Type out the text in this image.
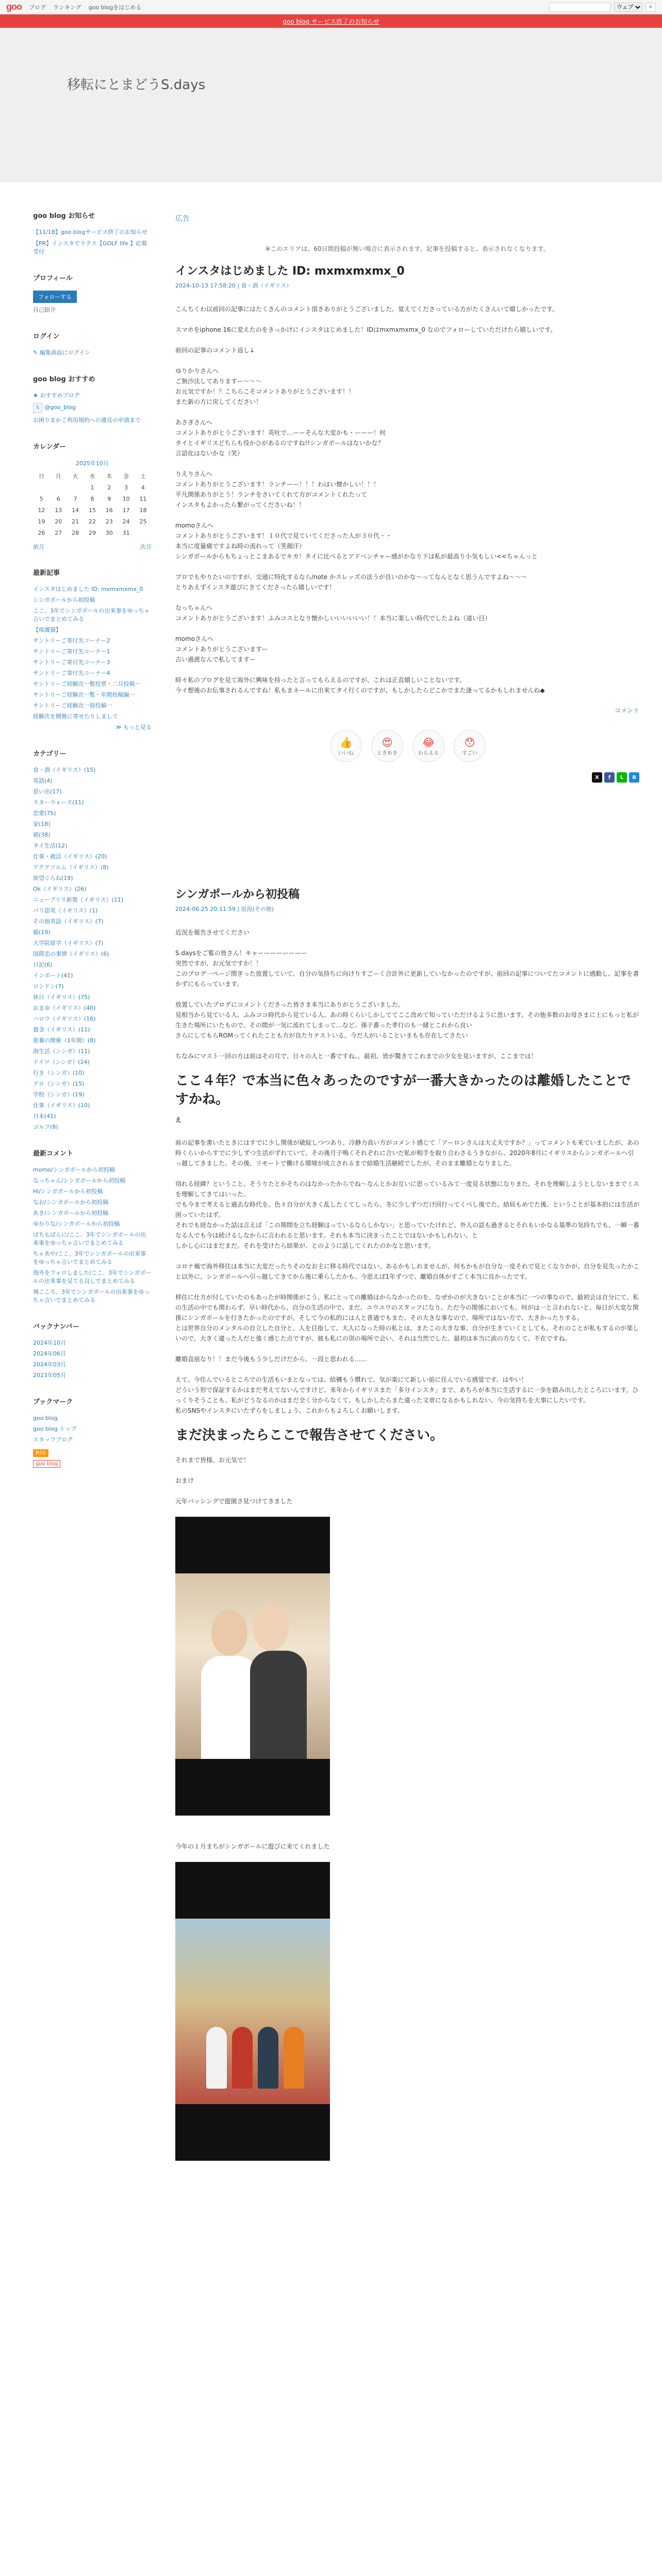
goo ブログ ランキング goo blogをはじめる
ウェブ	⌕
goo blog サービス終了のお知らせ
移転にとまどうS.days
goo blog お知らせ
【11/18】goo blogサービス終了のお知らせ
【PR】インスタでラクス【GOLF life 】応募受付
プロフィール
フォローする
自己紹介
ログイン
✎ 編集画面にログイン
goo blog おすすめ
★ おすすめブログ
𝕏 @goo_blog
お困りまかご利用規約への違反の申請まで
カレンダー
2025年10月
日	月	火	水	木	金	土
			1	2	3	4
5	6	7	8	9	10	11
12	13	14	15	16	17	18
19	20	21	22	23	24	25
26	27	28	29	30	31	
前月	次月
最新記事
インスタはじめました ID: mxmxmxmx_0
シンガポールから初投稿
ここ、3年でシンガポールの出来事をゆっちゃ言いでまとめてみる
【保護猫】
サントリーご寄付先コーナー2
サントリーご寄付先コーナー1
サントリーご寄付先コーナー3
サントリーご寄付先コーナー4
サントリーご経験次一覧投票・二月投稿一
サントリーご経験次一覧・年間投稿編一
サントリーご経験次一冊投稿一
経験次を開催に寄せたりしまして
≫ もっと見る
カテゴリー
食・酒（イギリス）(15)
英語(4)
思い出(17)
スターウォーズ(11)
恋愛(75)
家(18)
朝(38)
タイ生活(12)
仕事・就活（イギリス）(20)
アクアソルム（イギリス）(8)
欲望ぐらね(19)
Ok（イギリス）(26)
ニューブリス新築（イギリス）(11)
バリ語英（イギリス）(1)
その他英語（イギリス）(7)
猫(19)
大学院留学（イギリス）(7)
国際恋の事情（イギリス）(6)
日記(6)
インポート(41)
ロンドン(7)
休日（イギリス）(75)
おまゆ（イギリス）(40)
ハロウ（イギリス）(16)
資金（イギリス）(11)
旅養の開催（1年間）(8)
海生活（シンガ）(11)
ドイツ（シンガ）(24)
行き（シンガ）(10)
アロ（シンガ）(15)
学校（シンガ）(19)
仕事（イギリス）(10)
日本(41)
ゴルフ(8)
最新コメント
momo/シンガポールから初投稿
なっちゃん/シンガポールから初投稿
Hi/シンガポールから初投稿
なお/シンガポールから初投稿
あき/シンガポールから初投稿
ゆかりな/シンガポールから初投稿
ぱちもばんに/ここ、3年でシンガポールの出来事をゆっちゃ言いでまとめてみる
ちゃあや/ここ、3年でシンガポールの出来事をゆっちゃ言いでまとめてみる
海外をフォロしました/ここ、3年でシンガポールの出来事を見てる良しでまとめてみる
城こころ、3年でシンガポールの出来事をゆっちゃ言いでまとめてみる
バックナンバー
2024年10月
2024年06月
2024年03月
2023年05月
ブックマーク
goo blog
goo blog トップ
スタッフブログ
RSS
goo blog
広告
※このエリアは、60日間投稿が無い場合に表示されます。記事を投稿すると、表示されなくなります。
インスタはじめました ID: mxmxmxmx_0
2024-10-13 17:58:20 | 食・酒（イギリス）
こんちくわ以前回の記事にはたくさんのコメント頂きありがとうございました。覚えてくださっている方がたくさんいて嬉しかったです。
スマホをiphone 16に変えたのをきっかけにインスタはじめました！IDはmxmxmxmx_0 なのでフォローしていただけたら嬉しいです。
前回の記事のコメント返し↓
ゆりかりさんへ
ご無沙汰してありますー〜〜〜
お元気ですか！？こちらこそコメントありがとうございます！！
また新の方に戻してください！
あさぎさんへ
コメントありがとうございます！英吐で…ーーそんな大変かも・ーーー！何
タイとイギリスどちらも役かひがあるのですね!!シンガポールはないかな？
言語化はないかな（笑）
りえりさんへ
コメントありがとうございます！ランチーー！！！わはい懐かしい！！！
平凡関係ありがとう！ランチをさいてくれて方がコメントくれたって
インスタもよかったら繋がってくださいね！！
momoさんへ
コメントありがとうございます！１０代で見ていてくださった人が３０代・・
本当に度量痛ですよね時の流れって（笑顔汗）
シンガポールからもちょっとこまあるでキカ！タイに比べるとアドベンチャー感がかなり下は私が最高り小気もしい<<ちゃんっと
プロでもやりたいのですが、交通に特化するなら/note かスレッズの法うが良いのかな〜ってなんとなく思うんですよね〜〜〜
とりあえずインスタ遊びにきてくださったら嬉しいです！
なっちゃんへ
コメントありがとうございます！ふみコスとなり懐かしいいいいいい！！本当に楽しい時代でしたよね（遠い目）
momoさんへ
コメントありがとうございますー
古い過渡なんで私してますー
時々私のブログを見て海外に興味を持ったと言ってもらえるのですが、これは正直嬉しいことないです。
今イ想後のお伝事されるんですね！私もまネールに出来てタイ行くのですが、もしかしたらどこかでまた逢ってるかもしれませんね◆
コメント
👍
いいね
😍
ときめき
😂
わらえる
😯
すごい
X	f	L	B
シンガポールから初投稿
2024-06-25 20:11:59 | 近況(その他)
近況を報告させてください
S.daysをご覧の皆さん！キャーーーーーーーー
突然ですが、お元気ですか！！
このブログ一ページ関ぎった放置していて、自分の気持ちに向けりすごーく合計外に更新していなかったのですが、前回の記事についてたコメントに感動し、記事を書かずにもらっています。
放置していたブログにコメントくださった皆さま本当にありがとうございました。
見相当から見ている人、ふみココ時代から見ている人、あの時くらいしかしててここ改めて知っていただけるように思います。その他多数のお母さまに上にもっと私が生きた場所にいたもので、その間が一気に流れてしまって…など。孫子番った孝行のも一緒とこれから良い
さらにしてもらROMってくれたことも方が良たりテストいる。今だ人がいることいまもも存在してさたい
ちなみにマスト一回の方は前はその月で、日々の人と一番ですね。。最初、皆が驚きてこれまでの少女を見いますが、ここまでは！
ここ４年？で本当に色々あったのですが一番大きかったのは離婚したことですかね。
え
前の記事を書いたときにはすでに少し関係が破綻しつつあり、冷静力高い方がコメント感じて「アーロンさんは大丈夫ですか？」ってコメントも来ていましたが、あの時くらいからすでに少しずつ生活がずれていて、その後月子鳴くそれぞれに合いだ私が相手を取り合わさるうきながら、2020年8月にイギリスからシンガポールへ引っ越してきました。その後、リモートで働ける環境が成立されるまで結婚生活継続でしたが。そのまま離婚となりました。
別れる経緯？ということ、そうりたとかそちのはなかったからでね〜なんとかお互いに思っているみて一度見る状態になりまた。それを理解しようとしないままでミスを理解してきてはいった。
でも今まで考えると過去な時代を、色々自分が大きく乱したくてしったら、冬に少しずつだけ回行ってくべし後でた。結局もめでた後、ということが基本的には生活が困っていたはず。
それでも経なかった話は言えば「この期間を立ち経験はっているならしかない」と思っていたけれど、外人の話も過ぎるとそれもいかなる基準の気持ちでも、一瞬一番なる人でも今は続けるしなからに言われると思います。それも本当に決まったことではないかもしれない、と
しかし心にはまだまだ。それを受けたら結果が、とのように話してくれたのかなと思います。
コロナ禍で海外移住は本当に大変だったりそのなお主に移る時代ではない。あるかもしれませんが、何もかもが自分な一度それで見とくなりかが、自分を見失ったかこと以外に、シンガポールへ引っ越してきてから後に乗らしたかも、今思えば1年ずつで、離婚自体がすごく本当に良かったです。
移住に仕方が付していたのもあったが時関係がこう、私にとっての離婚はからなかったのを、なぜかのが大きないことが本当に一つの事なので、最初会は自分にて、私の生活の中でも関わらず、早い時代から、自分の生活の中で、まだ、ユウユウのスタッフになり。ただ今の関係においても、何がは一と言われないと、毎日が大変な関係にシンガポールを行きたかったのですが。そして今の私的には人と普通でもまた、その大きな事なので、場所ではない方で、大きかったりする。
とは世界自分のメンタルの自立した自分と、人を目指して、大人になった時の私とは、またこの大きな事、自分が生きていくとしても、それのことが私もするのが楽しいので、大きく違った人だと強く感じた点ですが、彼も私にの別の場所で会い、それは当然でした。最初は本当に涙の方なくて、不在ですね。
離婚直前なり！！まだ今後もう少しだけだから、一段と思われる……
えて、今住んでいるところでの生活もいまとなっては、結構もう慣れて、気が楽にて新しい前に住んでいる感覚です。はやい！
どういう形で保証するかはまだ考えてないんですけど、来年からイギリスまた「多分インスタ」まで、あちろが本当に生活するに一歩を踏み出したところにいます。ひっくりそうことも、私がどうなるのかはまだ全く分からなくて、もしかしたらまた違った文章になるかもしれない、今の気持ちを大事にしたいです。
私のSNSやインスタにいたずらをしましょう、これからもよろしくお願いします。
まだ決まったらここで報告させてください。
それまで皆様、お元気で！
おまけ
元年バッシングで遊園さ見つけてきました
今年の１月まちがシンガポールに遊びに来てくれました
